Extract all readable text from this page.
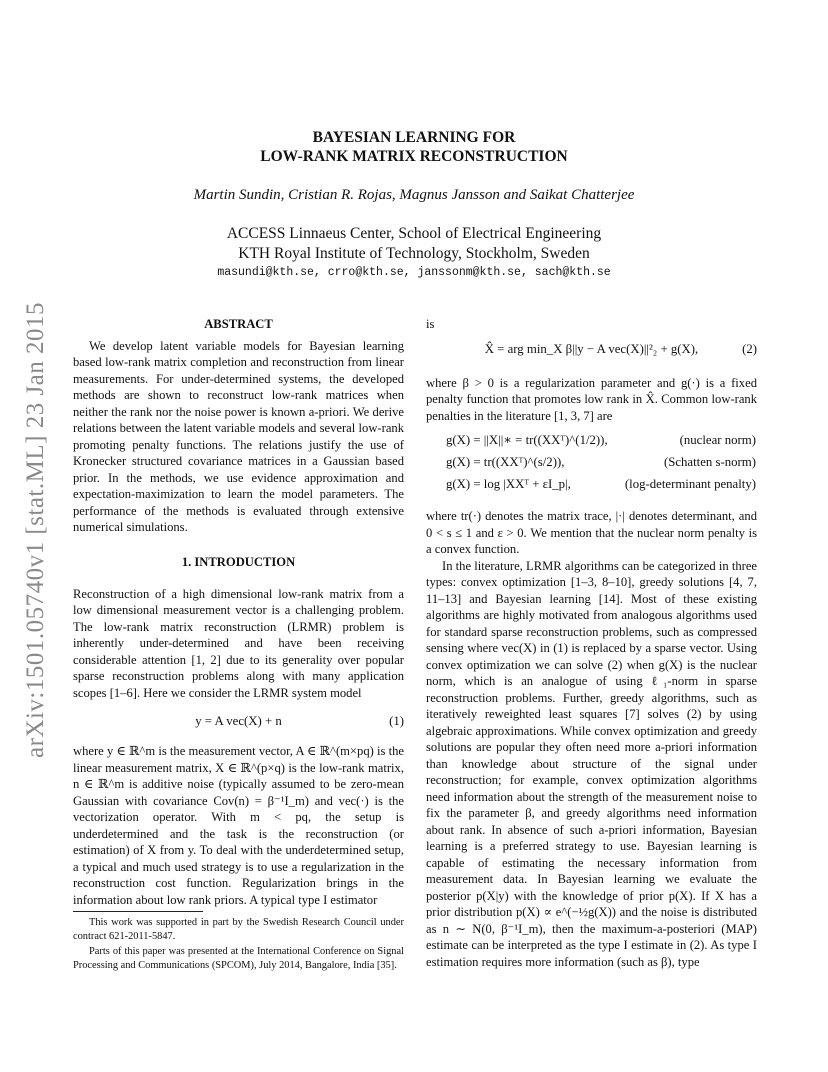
arXiv:1501.05740v1 [stat.ML] 23 Jan 2015
BAYESIAN LEARNING FOR
LOW-RANK MATRIX RECONSTRUCTION
Martin Sundin, Cristian R. Rojas, Magnus Jansson and Saikat Chatterjee
ACCESS Linnaeus Center, School of Electrical Engineering
KTH Royal Institute of Technology, Stockholm, Sweden
masundi@kth.se, crro@kth.se, janssonm@kth.se, sach@kth.se
ABSTRACT

We develop latent variable models for Bayesian learning based low-rank matrix completion and reconstruction from linear measurements. For under-determined systems, the developed methods are shown to reconstruct low-rank matrices when neither the rank nor the noise power is known a-priori. We derive relations between the latent variable models and several low-rank promoting penalty functions. The relations justify the use of Kronecker structured covariance matrices in a Gaussian based prior. In the methods, we use evidence approximation and expectation-maximization to learn the model parameters. The performance of the methods is evaluated through extensive numerical simulations.

1. INTRODUCTION

Reconstruction of a high dimensional low-rank matrix from a low dimensional measurement vector is a challenging problem. The low-rank matrix reconstruction (LRMR) problem is inherently under-determined and have been receiving considerable attention [1, 2] due to its generality over popular sparse reconstruction problems along with many application scopes [1–6]. Here we consider the LRMR system model

y = A vec(X) + n	(1)

where y ∈ ℝ^m is the measurement vector, A ∈ ℝ^(m×pq) is the linear measurement matrix, X ∈ ℝ^(p×q) is the low-rank matrix, n ∈ ℝ^m is additive noise (typically assumed to be zero-mean Gaussian with covariance Cov(n) = β⁻¹I_m) and vec(·) is the vectorization operator. With m < pq, the setup is underdetermined and the task is the reconstruction (or estimation) of X from y. To deal with the underdetermined setup, a typical and much used strategy is to use a regularization in the reconstruction cost function. Regularization brings in the information about low rank priors. A typical type I estimator

This work was supported in part by the Swedish Research Council under contract 621-2011-5847.

Parts of this paper was presented at the International Conference on Signal Processing and Communications (SPCOM), July 2014, Bangalore, India [35].

is

X̂ = arg min_X β||y − A vec(X)||²₂ + g(X),	(2)

where β > 0 is a regularization parameter and g(·) is a fixed penalty function that promotes low rank in X̂. Common low-rank penalties in the literature [1, 3, 7] are

g(X) = ||X||∗ = tr((XXᵀ)^(1/2)),	(nuclear norm)
g(X) = tr((XXᵀ)^(s/2)),	(Schatten s-norm)
g(X) = log |XXᵀ + εI_p|,	(log-determinant penalty)

where tr(·) denotes the matrix trace, |·| denotes determinant, and 0 < s ≤ 1 and ε > 0. We mention that the nuclear norm penalty is a convex function.

In the literature, LRMR algorithms can be categorized in three types: convex optimization [1–3, 8–10], greedy solutions [4, 7, 11–13] and Bayesian learning [14]. Most of these existing algorithms are highly motivated from analogous algorithms used for standard sparse reconstruction problems, such as compressed sensing where vec(X) in (1) is replaced by a sparse vector. Using convex optimization we can solve (2) when g(X) is the nuclear norm, which is an analogue of using ℓ₁-norm in sparse reconstruction problems. Further, greedy algorithms, such as iteratively reweighted least squares [7] solves (2) by using algebraic approximations. While convex optimization and greedy solutions are popular they often need more a-priori information than knowledge about structure of the signal under reconstruction; for example, convex optimization algorithms need information about the strength of the measurement noise to fix the parameter β, and greedy algorithms need information about rank. In absence of such a-priori information, Bayesian learning is a preferred strategy to use. Bayesian learning is capable of estimating the necessary information from measurement data. In Bayesian learning we evaluate the posterior p(X|y) with the knowledge of prior p(X). If X has a prior distribution p(X) ∝ e^(−½g(X)) and the noise is distributed as n ∼ N(0, β⁻¹I_m), then the maximum-a-posteriori (MAP) estimate can be interpreted as the type I estimate in (2). As type I estimation requires more information (such as β), type
